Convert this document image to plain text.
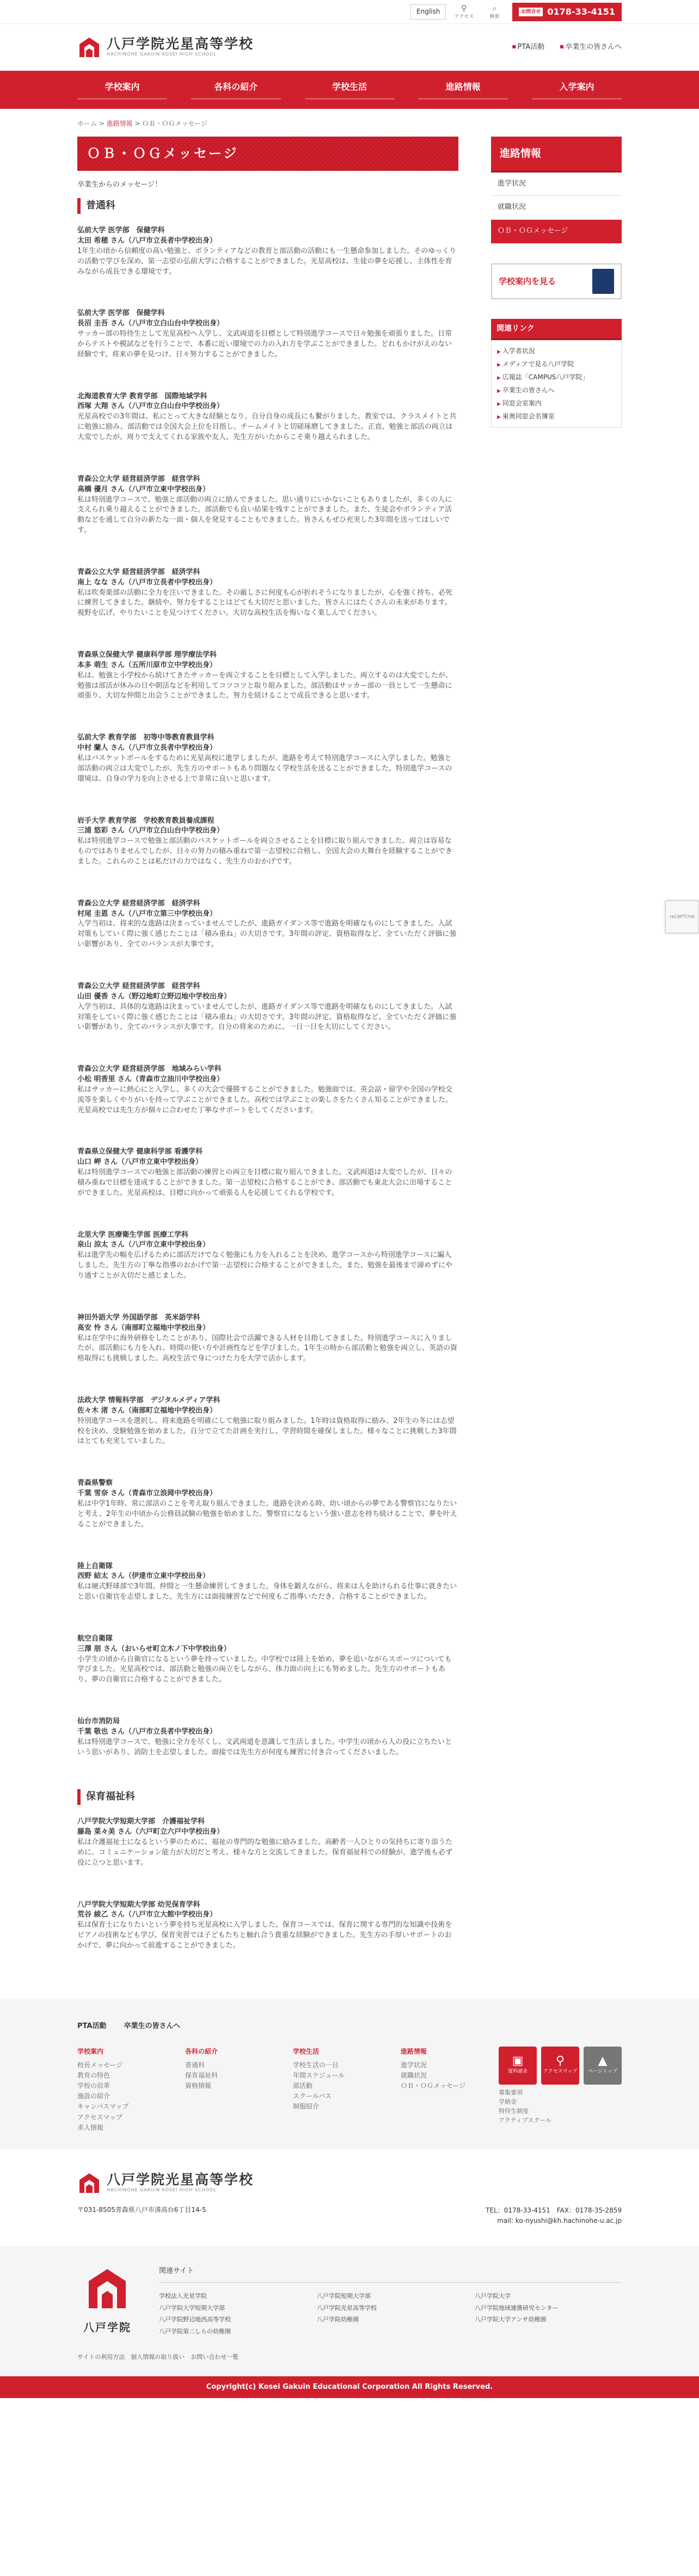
English	⚲
アクセス
⌕
検索
お問合せ 0178-33-4151
八戸学院光星高等学校
HACHINOHE GAKUIN KOSEI HIGH SCHOOL
■ PTA活動
■	卒業生の皆さんへ
学校案内	各科の紹介	学校生活	進路情報	入学案内
ホーム > 進路情報 > ＯＢ・ＯＧメッセージ
ＯＢ・ＯＧメッセージ

卒業生からのメッセージ！

普通科
弘前大学 医学部　保健学科
太田 希穂 さん（八戸市立長者中学校出身）
1年生の頃から信頼度の高い勉強と、ボランティアなどの教育と部活動の活動にも一生懸命参加しました。そのゆっくりの活動で学びを深め、第一志望の弘前大学に合格することができました。光星高校は、生徒の夢を応援し、主体性を育みながら成長できる環境です。
弘前大学 医学部　保健学科
長沼 圭吾 さん（八戸市立白山台中学校出身）
サッカー部の特待生として光星高校へ入学し、文武両道を目標として特別進学コースで日々勉強を頑張りました。日常からテストや模試などを行うことで、本番に近い環境での力の入れ方を学ぶことができました。どれもかけがえのない経験です。将来の夢を見つけ、日々努力することができました。
北海道教育大学 教育学部　国際地域学科
西塚 大翔 さん（八戸市立白山台中学校出身）
光星高校での3年間は、私にとって大きな経験となり、自分自身の成長にも繋がりました。教室では、クラスメイトと共に勉強に励み、部活動では全国大会上位を目指し、チームメイトと切磋琢磨してきました。正直、勉強と部活の両立は大変でしたが、周りで支えてくれる家族や友人、先生方がいたからこそ乗り越えられました。
青森公立大学 経営経済学部　経営学科
高橋 優月 さん（八戸市立東中学校出身）
私は特別進学コースで、勉強と部活動の両立に励んできました。思い通りにいかないこともありましたが、多くの人に支えられ乗り越えることができました。部活動でも良い結果を残すことができました。また、生徒会やボランティア活動などを通して自分の新たな一面・個人を発見することもできました。皆さんもぜひ充実した3年間を送ってほしいです。
青森公立大学 経営経済学部　経済学科
南上 なな さん（八戸市立長者中学校出身）
私は吹奏楽部の活動に全力を注いできました。その厳しさに何度も心が折れそうになりましたが、心を強く持ち、必死に練習してきました。継続や、努力をすることはどても大切だと思いました。皆さんにはたくさんの未来があります。視野を広げ、やりたいことを見つけてください。大切な高校生活を悔いなく楽しんでください。
青森県立保健大学 健康科学部 理学療法学科
本多 萌生 さん（五所川原市立中学校出身）
私は、勉強と小学校から続けてきたサッカーを両立することを目標として入学しました。両立するのは大変でしたが、勉強は部活が休みの日や朝活などを利用してコツコツと取り組みました。部活動はサッカー部の一員として一生懸命に頑張り、大切な仲間と出会うことができました。努力を続けることで成長できると思います。
弘前大学 教育学部　初等中等教育教員学科
中村 蘭人 さん（八戸市立長者中学校出身）
私はバスケットボールをするために光星高校に進学しましたが、進路を考えて特別進学コースに入学しました。勉強と部活動の両立は大変でしたが、先生方のサポートもあり問題なく学校生活を送ることができました。特別進学コースの環境は、自身の学力を向上させる上で非常に良いと思います。
岩手大学 教育学部　学校教育教員養成課程
三浦 悠彩 さん（八戸市立白山台中学校出身）
私は特別進学コースで勉強と部活動のバスケットボールを両立させることを目標に取り組んできました。両立は容易なものではありませんでしたが、日々の努力の積み重ねで第一志望校に合格し、全国大会の大舞台を経験することができました。これらのことは私だけの力ではなく、先生方のおかげです。
青森公立大学 経営経済学部　経済学科
村尾 圭恩 さん（八戸市立第三中学校出身）
入学当初は、将来的な進路は決まっていませんでしたが、進路ガイダンス等で進路を明確なものにしてきました。入試対策もしていく際に強く感じたことは「積み重ね」の大切さです。3年間の評定、資格取得など、全ていただく評価に強い影響があり、全てのバランスが大事です。
青森公立大学 経営経済学部　経営学科
山田 優香 さん（野辺地町立野辺地中学校出身）
入学当初は、具体的な進路は決まっていませんでしたが、進路ガイダンス等で進路を明確なものにしてきました。入試対策をしていく際に強く感じたことは「積み重ね」の大切さです。3年間の評定、資格取得など、全ていただく評価に強い影響があり、全てのバランスが大事です。自分の将来のために、一日一日を大切にしてください。
青森公立大学 経営経済学部　地域みらい学科
小松 明香里 さん（青森市立油川中学校出身）
私はサッカーに熱心にと入学し、多くの大会で優勝することができました。勉強面では、英会話・留学や全国の学校交流等を楽しくやりがいを持って学ぶことができました。高校では学ぶことの楽しさをたくさん知ることができました。光星高校では先生方が個々に合わせた丁寧なサポートをしてくださいます。
青森県立保健大学 健康科学部 看護学科
山口 岬 さん（八戸市立東中学校出身）
私は特別進学コースでの勉強と部活動の練習との両立を目標に取り組んできました。文武両道は大変でしたが、日々の積み重ねで目標を達成することができました。第一志望校に合格することができ、部活動でも東北大会に出場することができました。光星高校は、目標に向かって頑張る人を応援してくれる学校です。
北里大学 医療衛生学部 医療工学科
泉山 涼太 さん（八戸市立東中学校出身）
私は進学先の幅を広げるために部活だけでなく勉強にも力を入れることを決め、進学コースから特別進学コースに編入しました。先生方の丁寧な指導のおかげで第一志望校に合格することができました。また、勉強を最後まで諦めずにやり通すことが大切だと感じました。
神田外語大学 外国語学部　英米語学科
髙安 怜 さん（南部町立福地中学校出身）
私は在学中に海外研修をしたことがあり、国際社会で活躍できる人材を目指してきました。特別進学コースに入りましたが、部活動にも力を入れ、時間の使い方や計画性などを学びました。1年生の時から部活動と勉強を両立し、英語の資格取得にも挑戦しました。高校生活で身につけた力を大学で活かします。
法政大学 情報科学部　デジタルメディア学科
佐々木 渚 さん（南部町立福地中学校出身）
特別進学コースを選択し、将来進路を明確にして勉強に取り組みました。1年時は資格取得に励み、2年生の冬には志望校を決め、受験勉強を始めました。自分で立てた計画を実行し、学習時間を確保しました。様々なことに挑戦した3年間はとても充実していました。
青森県警察
千葉 雪奈 さん（青森市立浪岡中学校出身）
私は中学1年時、常に部活のことを考え取り組んできました。進路を決める時、幼い頃からの夢である警察官になりたいと考え、2年生の中頃から公務員試験の勉強を始めました。警察官になるという強い意志を持ち続けることで、夢を叶えることができました。
陸上自衛隊
西野 結太 さん（伊達市立東中学校出身）
私は硬式野球部で3年間、仲間と一生懸命練習してきました。身体を鍛えながら、将来は人を助けられる仕事に就きたいと思い自衛官を志望しました。先生方には面接練習などで何度もご指導いただき、合格することができました。
航空自衛隊
三澤 朋 さん（おいらせ町立木ノ下中学校出身）
小学生の頃から自衛官になるという夢を持っていました。中学校では陸上を始め、夢を追いながらスポーツについても学びました。光星高校では、部活動と勉強の両立をしながら、体力面の向上にも努めました。先生方のサポートもあり、夢の自衛官に合格することができました。
仙台市消防局
千葉 敬也 さん（八戸市立長者中学校出身）
私は特別進学コースで、勉強に全力を尽くし、文武両道を意識して生活しました。中学生の頃から人の役に立ちたいという思いがあり、消防士を志望しました。面接では先生方が何度も練習に付き合ってくださいました。
保育福祉科
八戸学院大学短期大学部　介護福祉学科
藤島 菜々美 さん（六戸町立六戸中学校出身）
私は介護福祉士になるという夢のために、福祉の専門的な勉強に励みました。高齢者一人ひとりの気持ちに寄り添うために、コミュニケーション能力が大切だと考え、様々な方と交流してきました。保育福祉科での経験が、進学後も必ず役に立つと思います。
八戸学院大学短期大学部 幼児保育学科
荒谷 綾乙 さん（八戸市立大館中学校出身）
私は保育士になりたいという夢を持ち光星高校に入学しました。保育コースでは、保育に関する専門的な知識や技術をピアノの技術なども学び、保育実習では子どもたちと触れ合う貴重な経験ができました。先生方の手厚いサポートのおかげで、夢に向かって前進することができました。
進路情報
進学状況
就職状況
ＯＢ・ＯＧメッセージ
学校案内を見る
関連リンク
▶ 入学者状況
▶ メディアで見る八戸学院
▶ 広報誌「CAMPUS八戸学院」
▶ 卒業生の皆さんへ
▶ 同窓会室案内
▶ 東奥同窓会名簿室
PTA活動 卒業生の皆さんへ
学校案内
校長メッセージ
教育の特色
学校の沿革
施設の紹介
キャンパスマップ
アクセスマップ
求人情報
各科の紹介
普通科
保育福祉科
資格情報
学校生活
学校生活の一日
年間スケジュール
部活動
スクールバス
制服紹介
進路情報
進学状況
就職状況
ＯＢ・ＯＧメッセージ
▣
資料請求
⚲
アクセスマップ
▲
ページトップ
募集要項
学納金
特待生制度
アクティブスクール
八戸学院光星高等学校
HACHINOHE GAKUIN KOSEI HIGH SCHOOL
〒031-8505青森県八戸市湊高台6丁目14-5	TEL：0178-33-4151　FAX：0178-35-2859
mail: ko-nyushi@kh.hachinohe-u.ac.jp
八戸学院
関連サイト
学校法人光星学院	八戸学院短期大学部	八戸学院大学
八戸学院大学短期大学部	八戸学院光星高等学校	八戸学院地域連携研究センター
八戸学院野辺地西高等学校	八戸学院幼稚園	八戸学院大学アンサ幼稚園
八戸学院第二しらの幼稚園
サイトの利用方法　個人情報の取り扱い　お問い合わせ一覧
Copyright(c) Kosei Gakuin Educational Corporation All Rights Reserved.
reCAPTCHA
